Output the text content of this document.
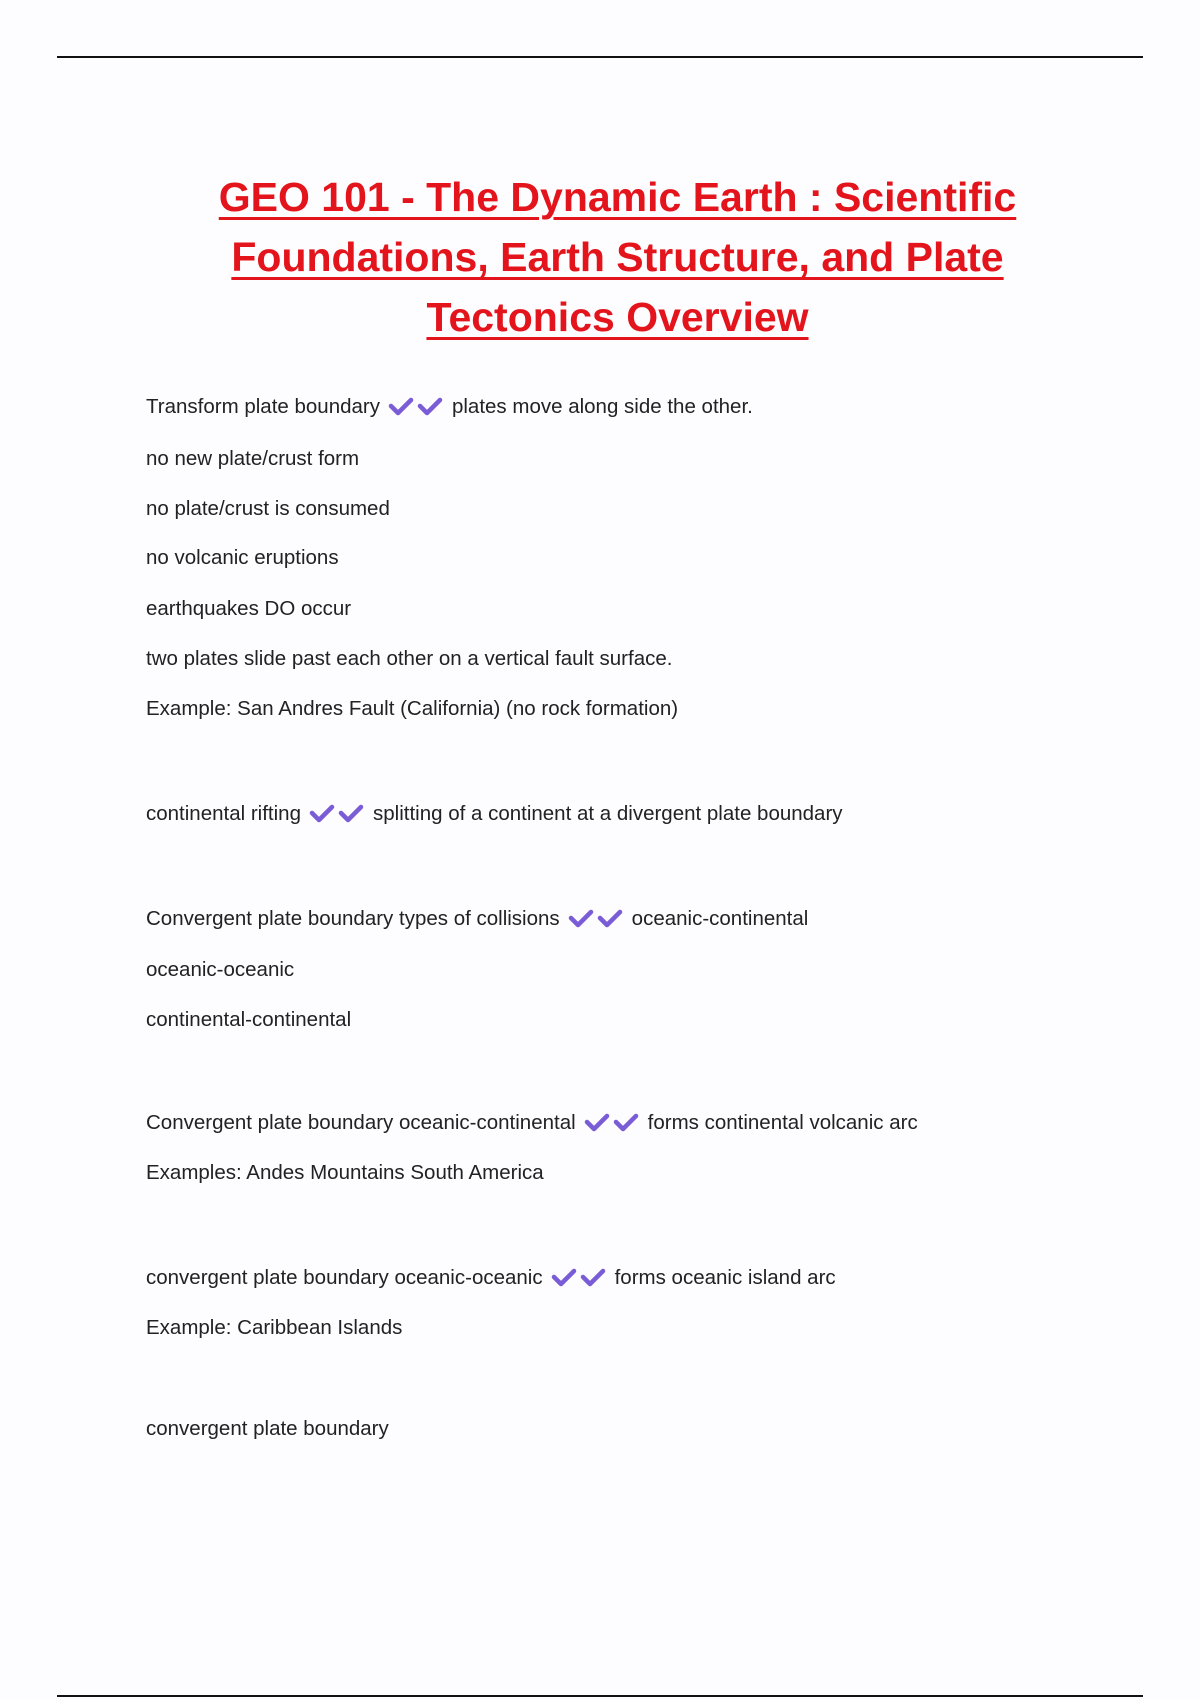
GEO 101 - The Dynamic Earth : Scientific
Foundations, Earth Structure, and Plate
Tectonics Overview
Transform plate boundary	plates move along side the other.
no new plate/crust form
no plate/crust is consumed
no volcanic eruptions
earthquakes DO occur
two plates slide past each other on a vertical fault surface.
Example: San Andres Fault (California) (no rock formation)
continental rifting	splitting of a continent at a divergent plate boundary
Convergent plate boundary types of collisions	oceanic-continental
oceanic-oceanic
continental-continental
Convergent plate boundary oceanic-continental	forms continental volcanic arc
Examples: Andes Mountains South America
convergent plate boundary oceanic-oceanic	forms oceanic island arc
Example: Caribbean Islands
convergent plate boundary
